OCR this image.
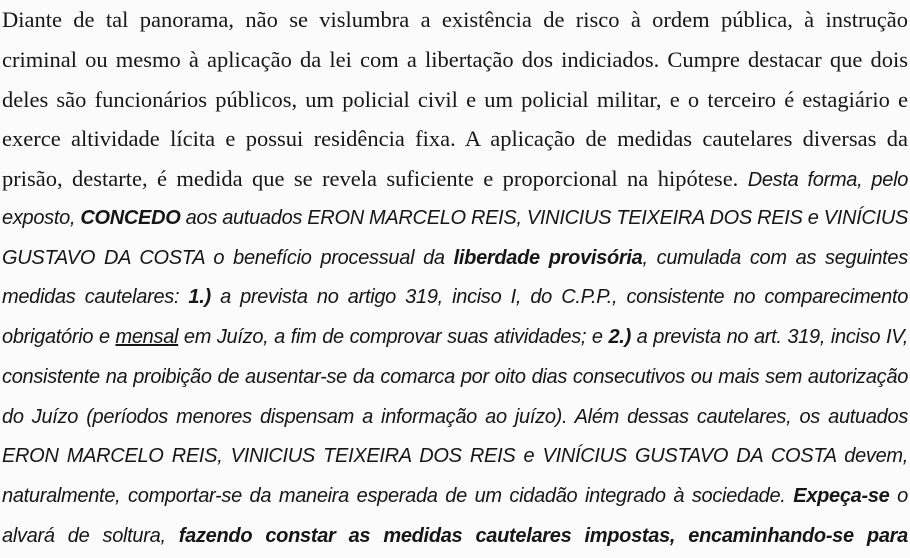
Diante de tal panorama, não se vislumbra a existência de risco à ordem pública, à instrução
criminal ou mesmo à aplicação da lei com a libertação dos indiciados. Cumpre destacar que dois
deles são funcionários públicos, um policial civil e um policial militar, e o terceiro é estagiário e
exerce altividade lícita e possui residência fixa. A aplicação de medidas cautelares diversas da
prisão, destarte, é medida que se revela suficiente e proporcional na hipótese. Desta forma, pelo
exposto, CONCEDO aos autuados ERON MARCELO REIS, VINICIUS TEIXEIRA DOS REIS e VINÍCIUS
GUSTAVO DA COSTA o benefício processual da liberdade provisória, cumulada com as seguintes
medidas cautelares: 1.) a prevista no artigo 319, inciso I, do C.P.P., consistente no comparecimento
obrigatório e mensal em Juízo, a fim de comprovar suas atividades; e 2.) a prevista no art. 319, inciso IV,
consistente na proibição de ausentar-se da comarca por oito dias consecutivos ou mais sem autorização
do Juízo (períodos menores dispensam a informação ao juízo). Além dessas cautelares, os autuados
ERON MARCELO REIS, VINICIUS TEIXEIRA DOS REIS e VINÍCIUS GUSTAVO DA COSTA devem,
naturalmente, comportar-se da maneira esperada de um cidadão integrado à sociedade. Expeça-se o
alvará de soltura, fazendo constar as medidas cautelares impostas, encaminhando-se para
